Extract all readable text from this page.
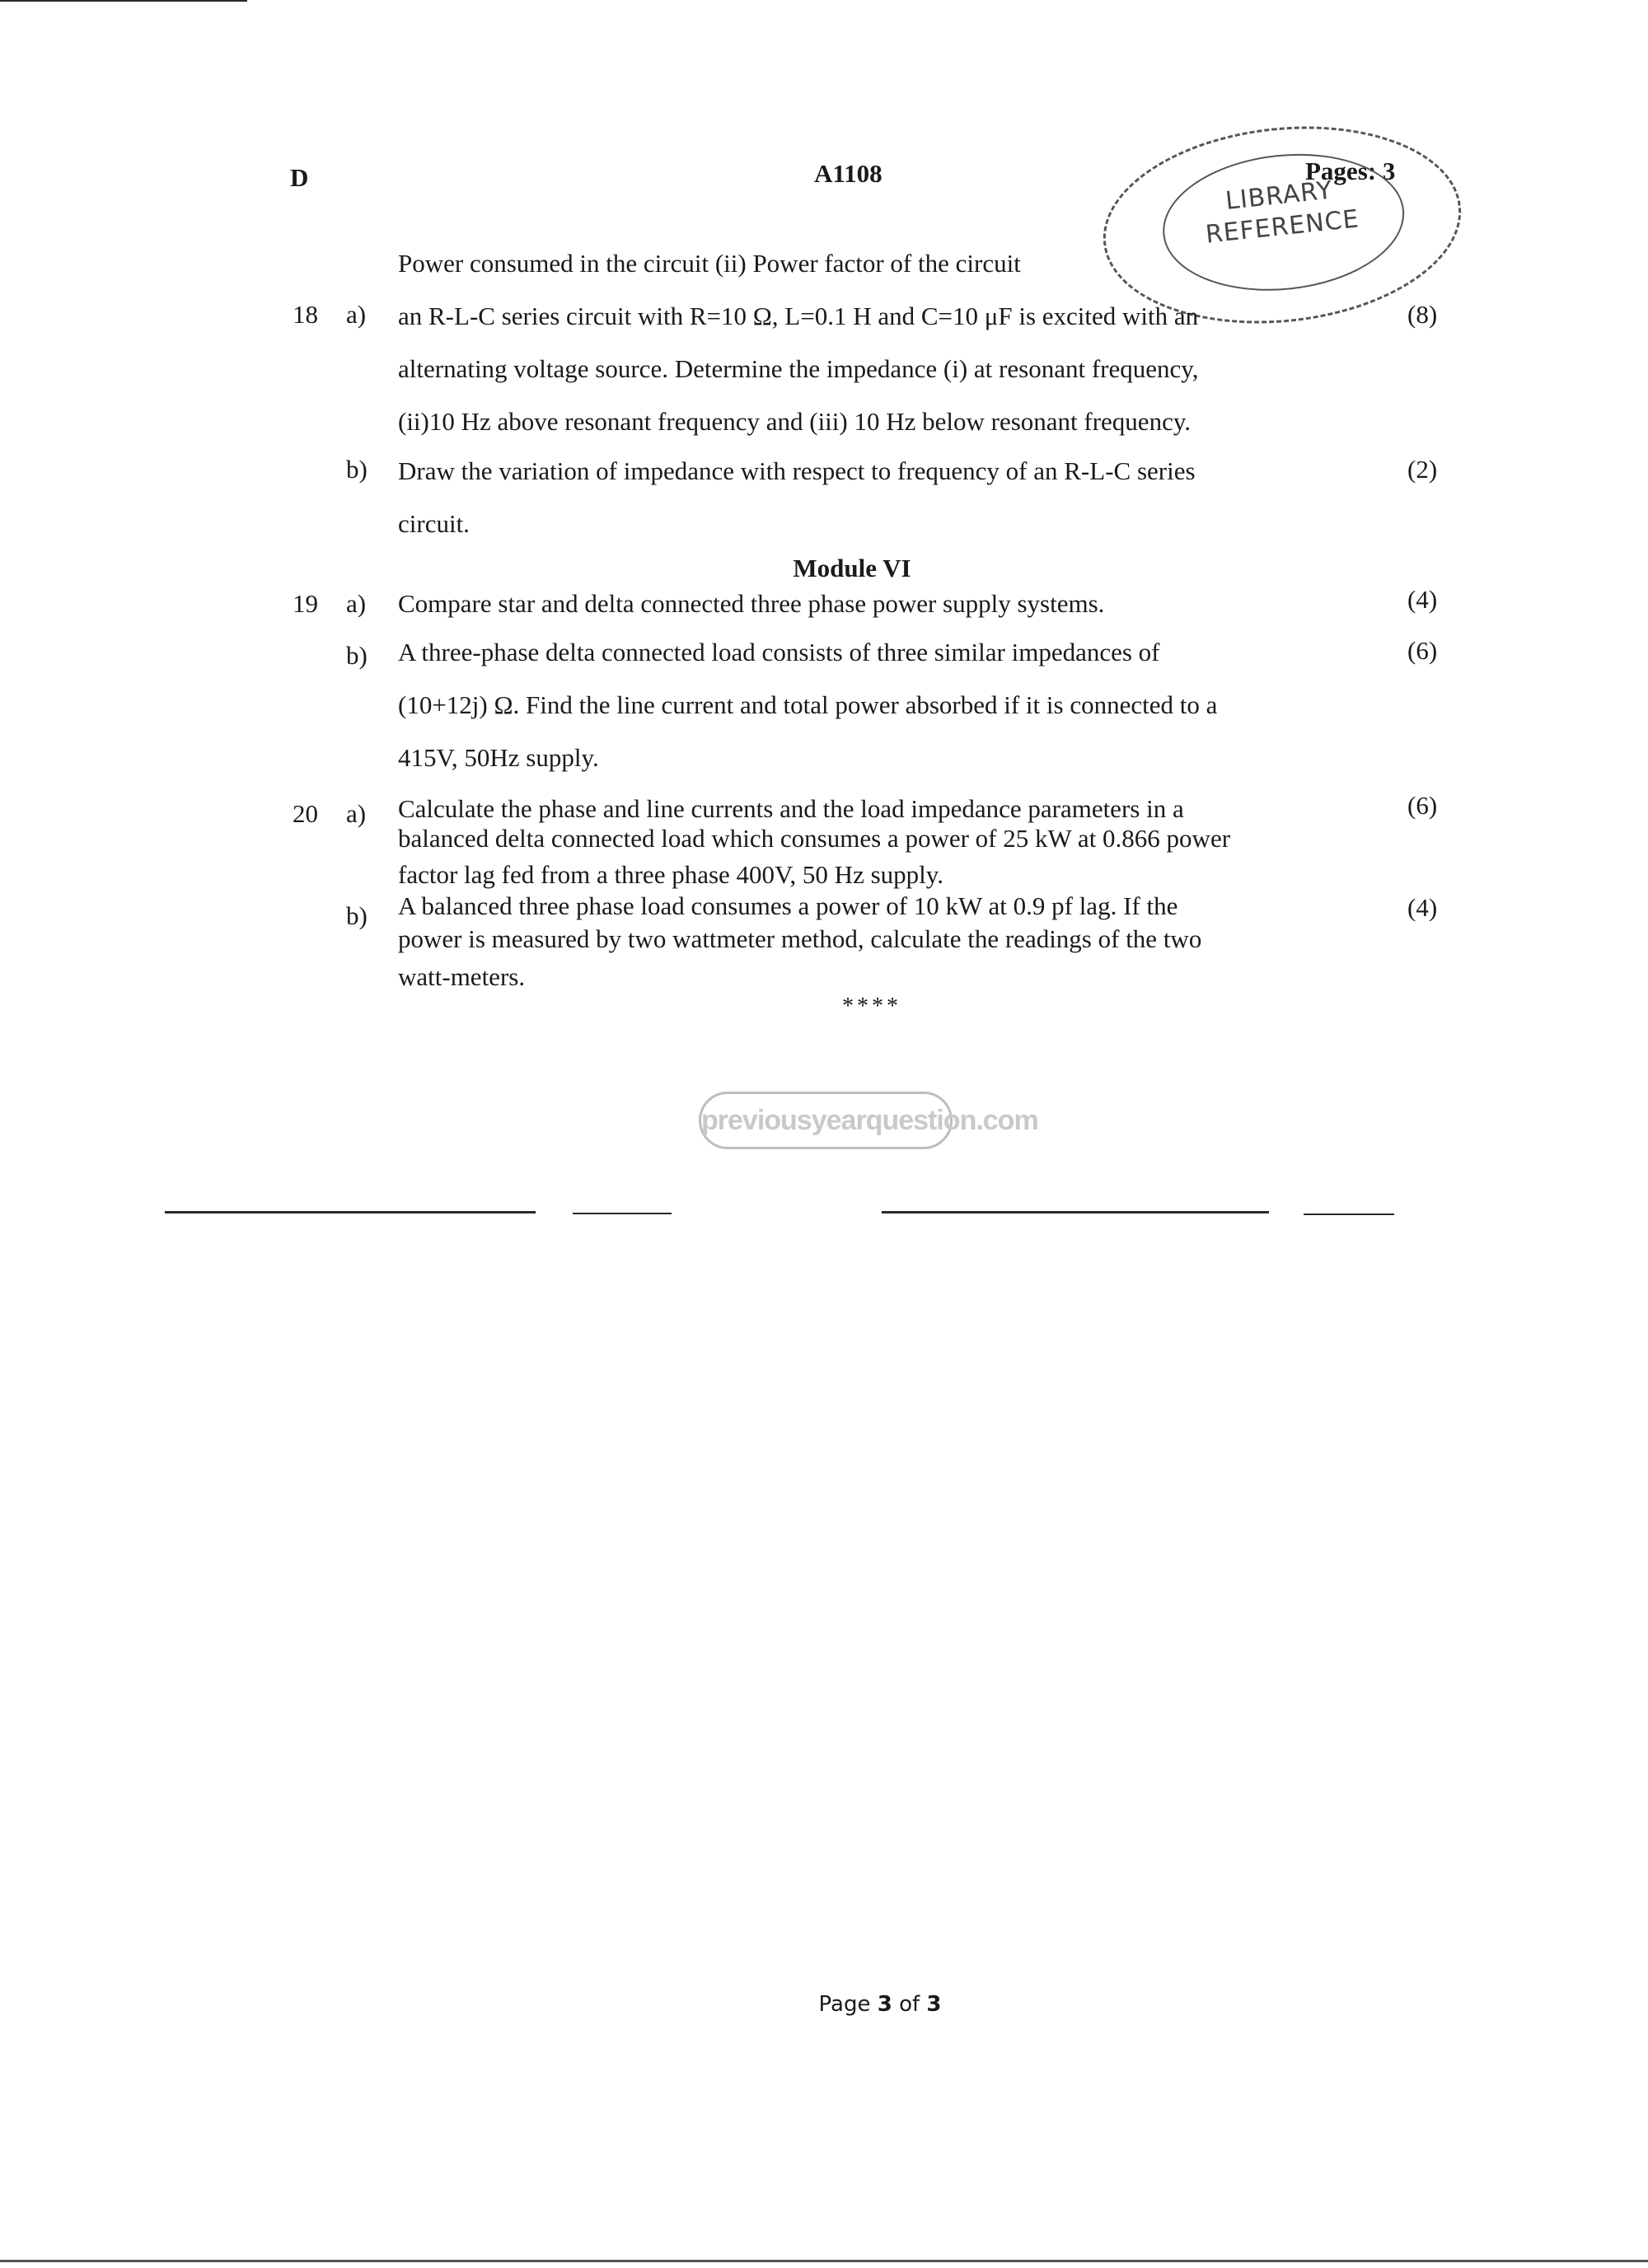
D	A1108	Pages: 3
LIBRARY
REFERENCE
Power consumed in the circuit (ii) Power factor of the circuit
18 a) an R-L-C series circuit with R=10 Ω, L=0.1 H and C=10 μF is excited with an
alternating voltage source. Determine the impedance (i) at resonant frequency,
(ii)10 Hz above resonant frequency and (iii) 10 Hz below resonant frequency.
(8)
b) Draw the variation of impedance with respect to frequency of an R-L-C series
circuit.
(2)
Module VI
19 a) Compare star and delta connected three phase power supply systems.	(4)
b) A three-phase delta connected load consists of three similar impedances of
(10+12j) Ω. Find the line current and total power absorbed if it is connected to a
415V, 50Hz supply.
(6)
20 a) Calculate the phase and line currents and the load impedance parameters in a
balanced delta connected load which consumes a power of 25 kW at 0.866 power
factor lag fed from a three phase 400V, 50 Hz supply.
(6)
b) A balanced three phase load consumes a power of 10 kW at 0.9 pf lag. If the
power is measured by two wattmeter method, calculate the readings of the two
watt-meters.
(4)
****
previousyearquestion.com
Page 3 of 3
